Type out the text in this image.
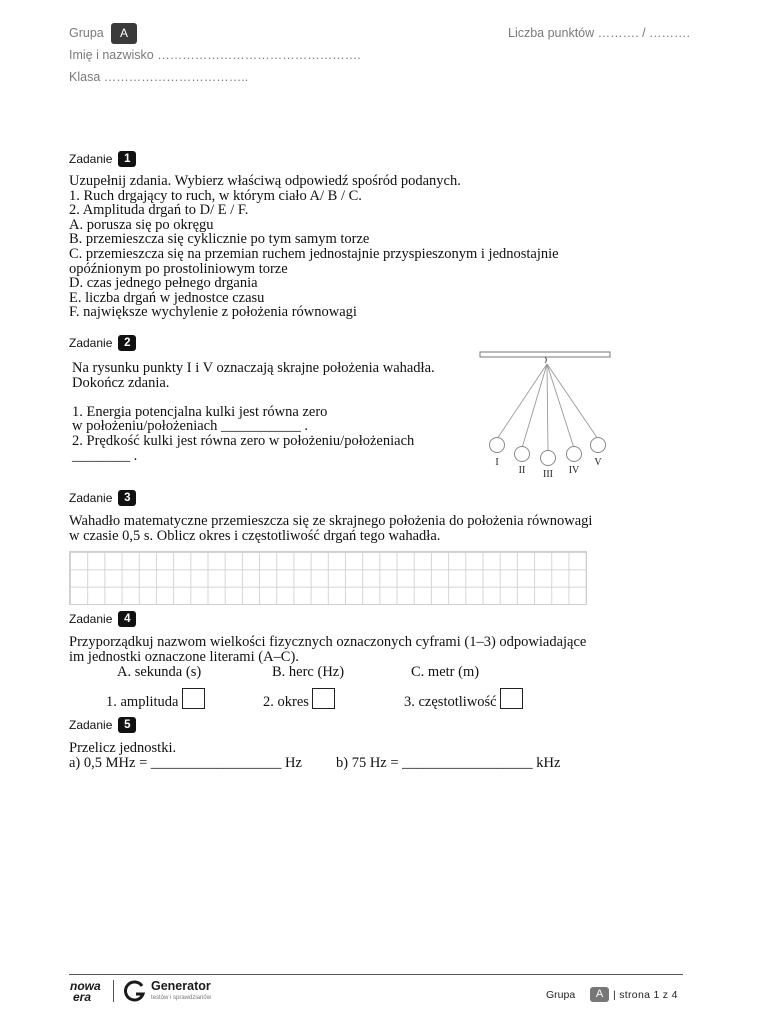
Grupa	A	Liczba punktów ………. / ……….
Imię i nazwisko ………………………………………….
Klasa ……………………………..
Zadanie	1
Uzupełnij zdania. Wybierz właściwą odpowiedź spośród podanych.
1. Ruch drgający to ruch, w którym ciało A/ B / C.
2. Amplituda drgań to D/ E / F.
A. porusza się po okręgu
B. przemieszcza się cyklicznie po tym samym torze
C. przemieszcza się na przemian ruchem jednostajnie przyspieszonym i jednostajnie
opóźnionym po prostoliniowym torze
D. czas jednego pełnego drgania
E. liczba drgań w jednostce czasu
F. największe wychylenie z położenia równowagi
Zadanie	2
Na rysunku punkty I i V oznaczają skrajne położenia wahadła.
Dokończ zdania.
1. Energia potencjalna kulki jest równa zero
w położeniu/położeniach ___________ .
2. Prędkość kulki jest równa zero w położeniu/położeniach
________ .	I
II III IV
V
Zadanie	3
Wahadło matematyczne przemieszcza się ze skrajnego położenia do położenia równowagi
w czasie 0,5 s. Oblicz okres i częstotliwość drgań tego wahadła.
Zadanie	4
Przyporządkuj nazwom wielkości fizycznych oznaczonych cyframi (1–3) odpowiadające
im jednostki oznaczone literami (A–C).
A. sekunda (s)	B. herc (Hz)	C. metr (m)
1. amplituda	2. okres	3. częstotliwość
Zadanie	5
Przelicz jednostki.
a) 0,5 MHz = __________________ Hz b) 75 Hz = __________________ kHz
nowa
era
Generator
testów i sprawdzianów	Grupa	A | strona 1 z 4
